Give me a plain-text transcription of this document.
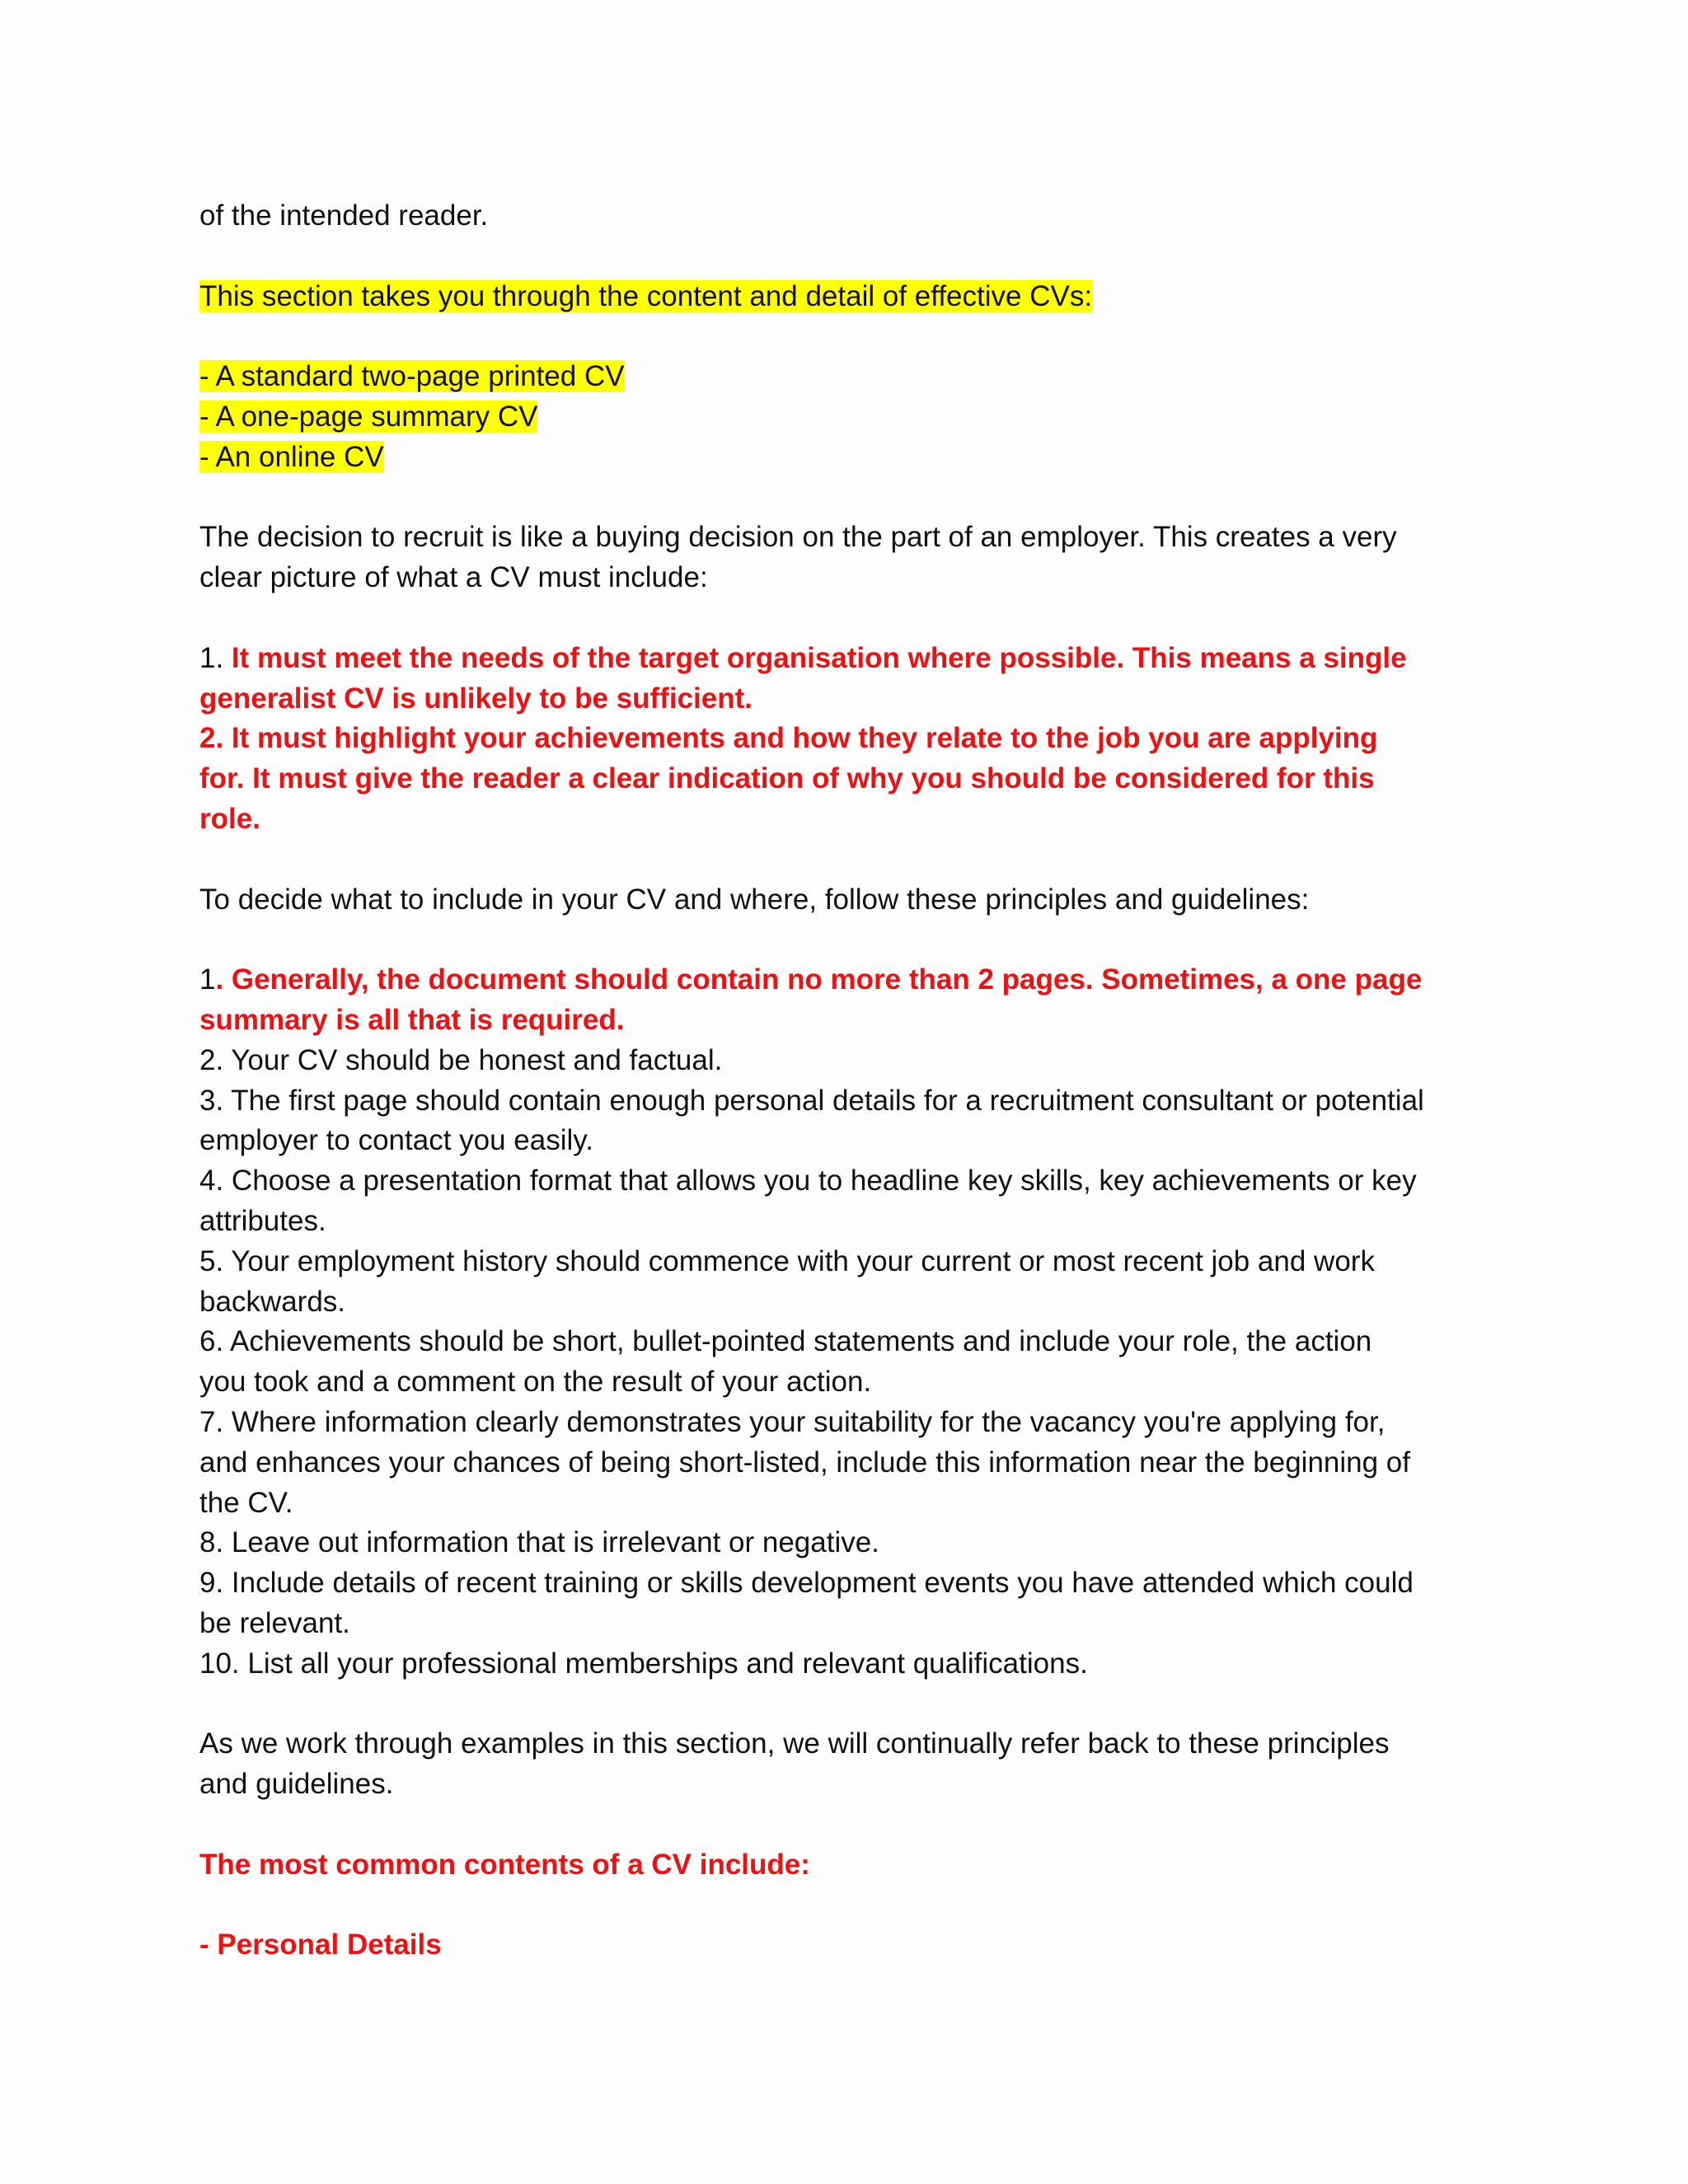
of the intended reader.
This section takes you through the content and detail of effective CVs:
- A standard two-page printed CV
- A one-page summary CV
- An online CV
The decision to recruit is like a buying decision on the part of an employer. This creates a very
clear picture of what a CV must include:
1. It must meet the needs of the target organisation where possible. This means a single
generalist CV is unlikely to be sufficient.
2. It must highlight your achievements and how they relate to the job you are applying
for. It must give the reader a clear indication of why you should be considered for this
role.
To decide what to include in your CV and where, follow these principles and guidelines:
1. Generally, the document should contain no more than 2 pages. Sometimes, a one page
summary is all that is required.
2. Your CV should be honest and factual.
3. The first page should contain enough personal details for a recruitment consultant or potential
employer to contact you easily.
4. Choose a presentation format that allows you to headline key skills, key achievements or key
attributes.
5. Your employment history should commence with your current or most recent job and work
backwards.
6. Achievements should be short, bullet-pointed statements and include your role, the action
you took and a comment on the result of your action.
7. Where information clearly demonstrates your suitability for the vacancy you're applying for,
and enhances your chances of being short-listed, include this information near the beginning of
the CV.
8. Leave out information that is irrelevant or negative.
9. Include details of recent training or skills development events you have attended which could
be relevant.
10. List all your professional memberships and relevant qualifications.
As we work through examples in this section, we will continually refer back to these principles
and guidelines.
The most common contents of a CV include:
- Personal Details
